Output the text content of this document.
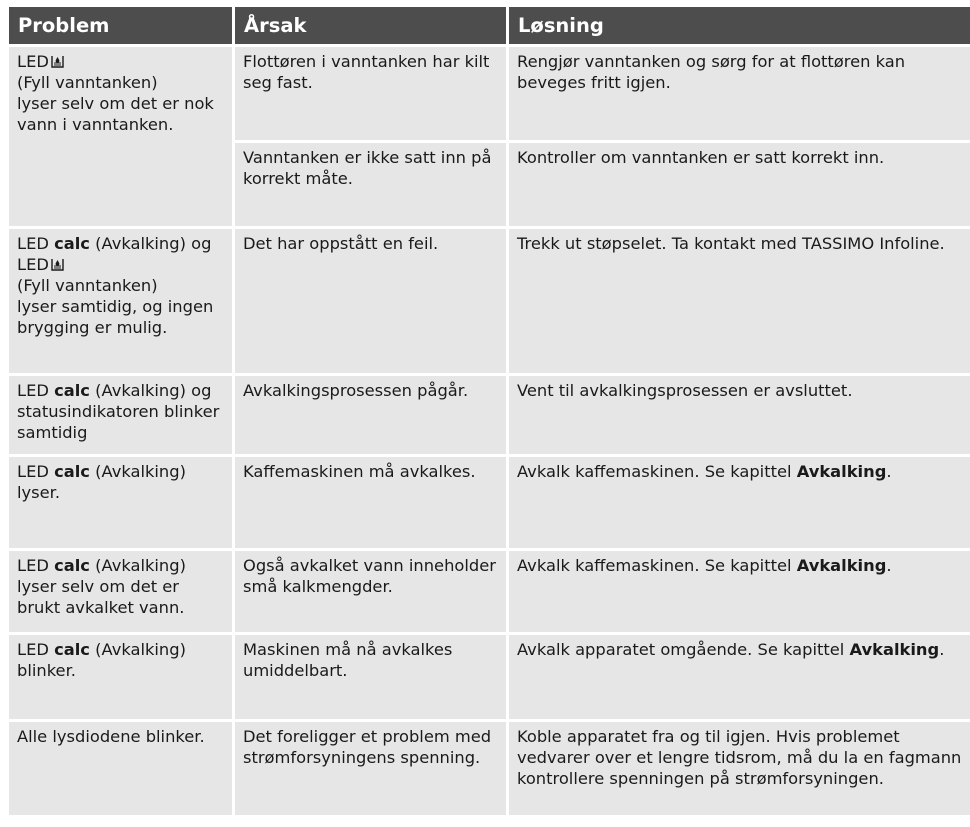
Problem	Årsak	Løsning
LED

(Fyll vanntanken)
lyser selv om det er nok vann i vanntanken.	Flottøren i vanntanken har kilt seg fast.	Rengjør vanntanken og sørg for at flottøren kan beveges fritt igjen.
	Vanntanken er ikke satt inn på korrekt måte.	Kontroller om vanntanken er satt korrekt inn.
LED calc (Avkalking) og LED

(Fyll vanntanken)
lyser samtidig, og ingen brygging er mulig.	Det har oppstått en feil.	Trekk ut støpselet. Ta kontakt med TASSIMO Infoline.
LED calc (Avkalking) og statusindikatoren blinker samtidig	Avkalkingsprosessen pågår.	Vent til avkalkingsprosessen er avsluttet.
LED calc (Avkalking) lyser.	Kaffemaskinen må avkalkes.	Avkalk kaffemaskinen. Se kapittel Avkalking.
LED calc (Avkalking) lyser selv om det er brukt avkalket vann.	Også avkalket vann inneholder små kalkmengder.	Avkalk kaffemaskinen. Se kapittel Avkalking.
LED calc (Avkalking) blinker.	Maskinen må nå avkalkes umiddelbart.	Avkalk apparatet omgående. Se kapittel Avkalking.
Alle lysdiodene blinker.	Det foreligger et problem med strømforsyningens spenning.	Koble apparatet fra og til igjen. Hvis problemet vedvarer over et lengre tidsrom, må du la en fagmann kontrollere spenningen på strømforsyningen.
